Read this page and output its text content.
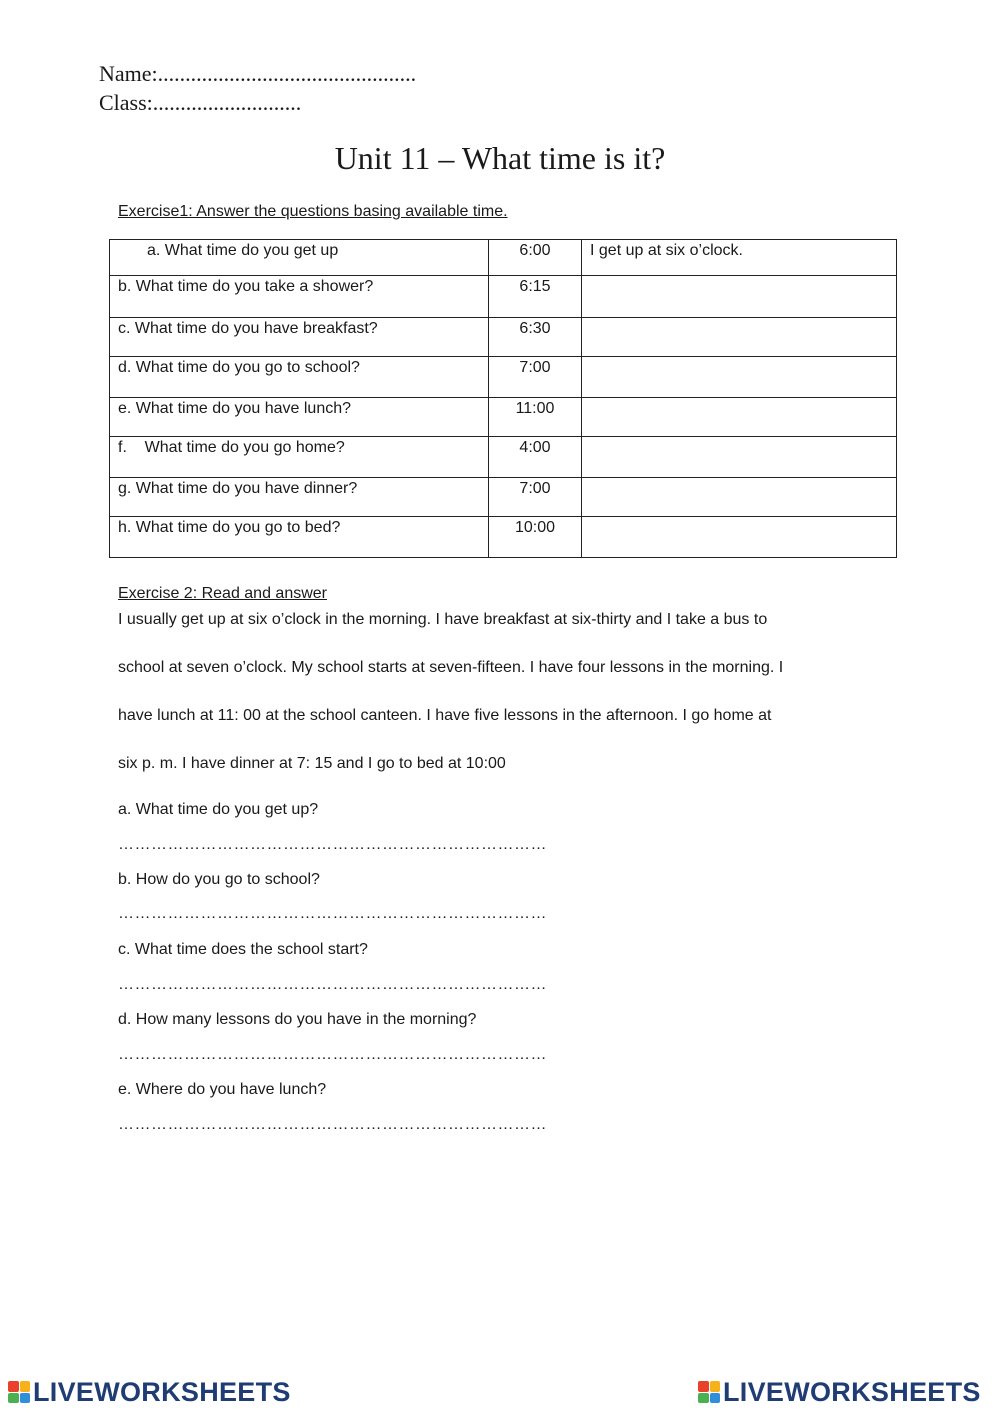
Name:...............................................
Class:...........................
Unit 11 – What time is it?
Exercise1: Answer the questions basing available time.
a. What time do you get up	6:00	I get up at six o’clock.
b. What time do you take a shower?	6:15	
c. What time do you have breakfast?	6:30	
d. What time do you go to school?	7:00	
e. What time do you have lunch?	11:00	
f.    What time do you go home?	4:00	
g. What time do you have dinner?	7:00	
h. What time do you go to bed?	10:00	
Exercise 2: Read and answer

I usually get up at six o’clock in the morning. I have breakfast at six-thirty and I take a bus to

school at seven o’clock. My school starts at seven-fifteen. I have four lessons in the morning. I

have lunch at 11: 00 at the school canteen. I have five lessons in the afternoon. I go home at

six p. m. I have dinner at 7: 15 and I go to bed at 10:00

a. What time do you get up?
……………………………………………………………………
b. How do you go to school?
……………………………………………………………………
c. What time does the school start?
……………………………………………………………………
d. How many lessons do you have in the morning?
……………………………………………………………………
e. Where do you have lunch?
……………………………………………………………………
LIVEWORKSHEETS	LIVEWORKSHEETS
